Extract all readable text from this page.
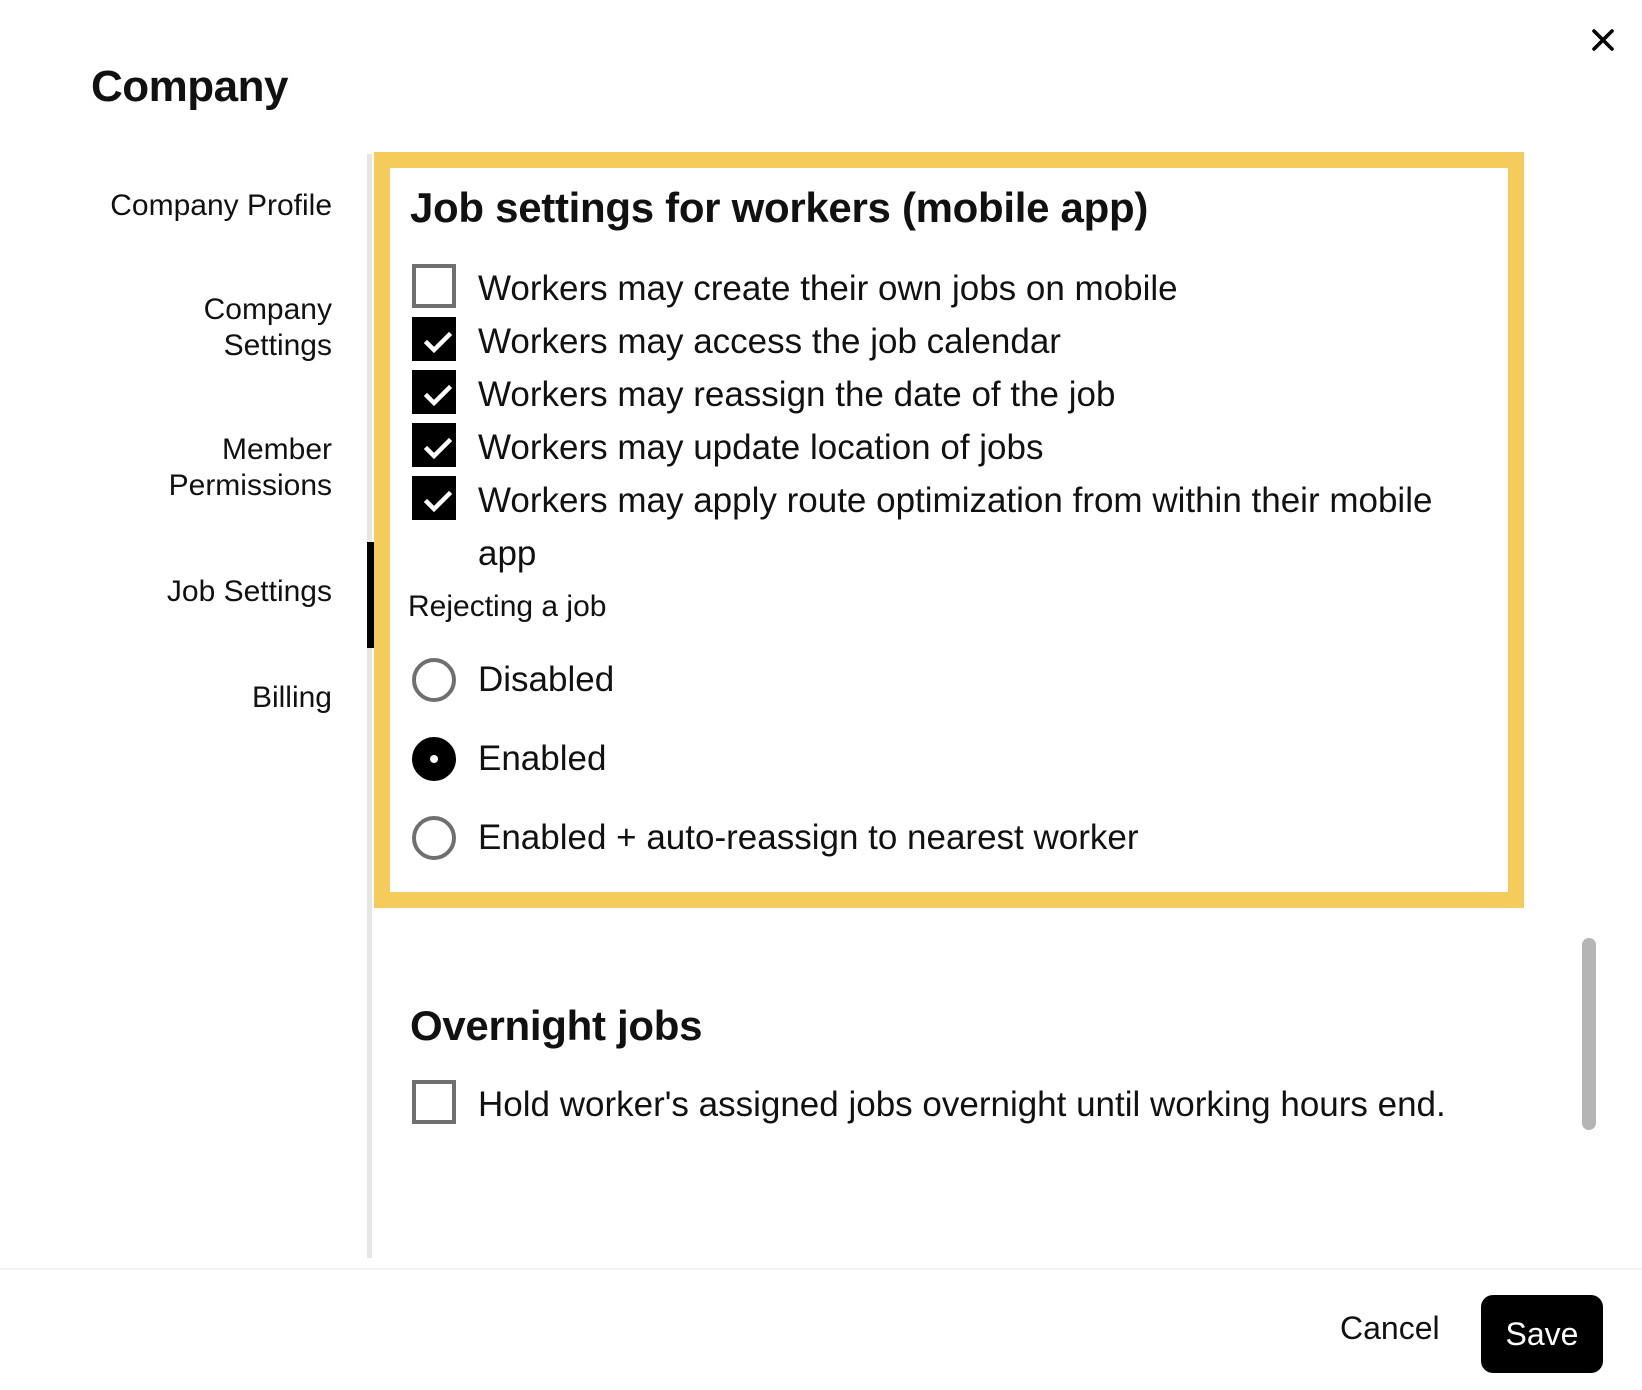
Company
Company Profile
Company
Settings
Member
Permissions
Job Settings
Billing
Job settings for workers (mobile app)
Workers may create their own jobs on mobile
Workers may access the job calendar
Workers may reassign the date of the job
Workers may update location of jobs
Workers may apply route optimization from within their mobile app
Rejecting a job
Disabled
Enabled
Enabled + auto-reassign to nearest worker
Overnight jobs
Hold worker's assigned jobs overnight until working hours end.
Cancel	Save
